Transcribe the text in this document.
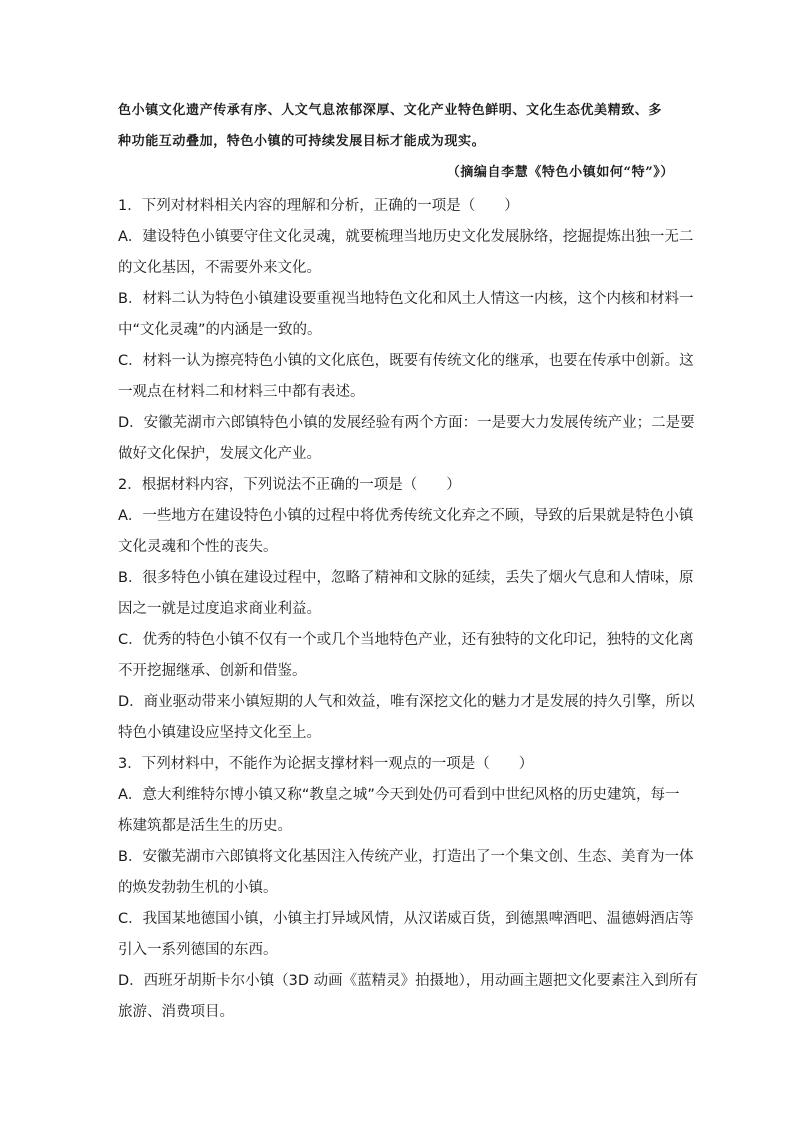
色小镇文化遗产传承有序、人文气息浓郁深厚、文化产业特色鲜明、文化生态优美精致、多

种功能互动叠加，特色小镇的可持续发展目标才能成为现实。

（摘编自李慧《特色小镇如何“特”》）
1．下列对材料相关内容的理解和分析，正确的一项是（　　）
A．建设特色小镇要守住文化灵魂，就要梳理当地历史文化发展脉络，挖掘提炼出独一无二
的文化基因，不需要外来文化。
B．材料二认为特色小镇建设要重视当地特色文化和风土人情这一内核，这个内核和材料一
中“文化灵魂”的内涵是一致的。
C．材料一认为擦亮特色小镇的文化底色，既要有传统文化的继承，也要在传承中创新。这
一观点在材料二和材料三中都有表述。
D．安徽芜湖市六郎镇特色小镇的发展经验有两个方面：一是要大力发展传统产业；二是要
做好文化保护，发展文化产业。
2．根据材料内容，下列说法不正确的一项是（　　）
A．一些地方在建设特色小镇的过程中将优秀传统文化弃之不顾，导致的后果就是特色小镇
文化灵魂和个性的丧失。
B．很多特色小镇在建设过程中，忽略了精神和文脉的延续，丢失了烟火气息和人情味，原
因之一就是过度追求商业利益。
C．优秀的特色小镇不仅有一个或几个当地特色产业，还有独特的文化印记，独特的文化离
不开挖掘继承、创新和借鉴。
D．商业驱动带来小镇短期的人气和效益，唯有深挖文化的魅力才是发展的持久引擎，所以
特色小镇建设应坚持文化至上。
3．下列材料中，不能作为论据支撑材料一观点的一项是（　　）
A．意大利维特尔博小镇又称“教皇之城”今天到处仍可看到中世纪风格的历史建筑，每一
栋建筑都是活生生的历史。
B．安徽芜湖市六郎镇将文化基因注入传统产业，打造出了一个集文创、生态、美育为一体
的焕发勃勃生机的小镇。
C．我国某地德国小镇，小镇主打异域风情，从汉诺威百货，到德黑啤酒吧、温德姆酒店等
引入一系列德国的东西。
D．西班牙胡斯卡尔小镇（3D 动画《蓝精灵》拍摄地），用动画主题把文化要素注入到所有
旅游、消费项目。
